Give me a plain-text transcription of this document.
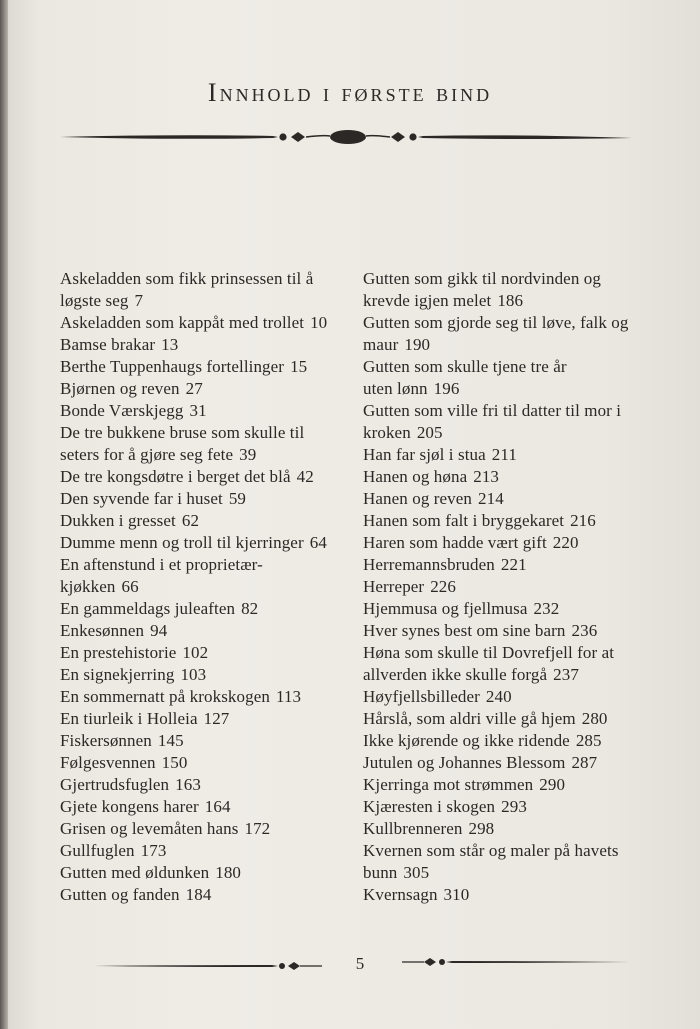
Innhold i første bind
Askeladden som fikk prinsessen til å
løgste seg 7
Askeladden som kappåt med trollet 10
Bamse brakar 13
Berthe Tuppenhaugs fortellinger 15
Bjørnen og reven 27
Bonde Værskjegg 31
De tre bukkene bruse som skulle til
seters for å gjøre seg fete 39
De tre kongsdøtre i berget det blå 42
Den syvende far i huset 59
Dukken i gresset 62
Dumme menn og troll til kjerringer 64
En aftenstund i et proprietær-
kjøkken 66
En gammeldags juleaften 82
Enkesønnen 94
En prestehistorie 102
En signekjerring 103
En sommernatt på krokskogen 113
En tiurleik i Holleia 127
Fiskersønnen 145
Følgesvennen 150
Gjertrudsfuglen 163
Gjete kongens harer 164
Grisen og levemåten hans 172
Gullfuglen 173
Gutten med øldunken 180
Gutten og fanden 184
Gutten som gikk til nordvinden og
krevde igjen melet 186
Gutten som gjorde seg til løve, falk og
maur 190
Gutten som skulle tjene tre år
uten lønn 196
Gutten som ville fri til datter til mor i
kroken 205
Han far sjøl i stua 211
Hanen og høna 213
Hanen og reven 214
Hanen som falt i bryggekaret 216
Haren som hadde vært gift 220
Herremannsbruden 221
Herreper 226
Hjemmusa og fjellmusa 232
Hver synes best om sine barn 236
Høna som skulle til Dovrefjell for at
allverden ikke skulle forgå 237
Høyfjellsbilleder 240
Hårslå, som aldri ville gå hjem 280
Ikke kjørende og ikke ridende 285
Jutulen og Johannes Blessom 287
Kjerringa mot strømmen 290
Kjæresten i skogen 293
Kullbrenneren 298
Kvernen som står og maler på havets
bunn 305
Kvernsagn 310
5
